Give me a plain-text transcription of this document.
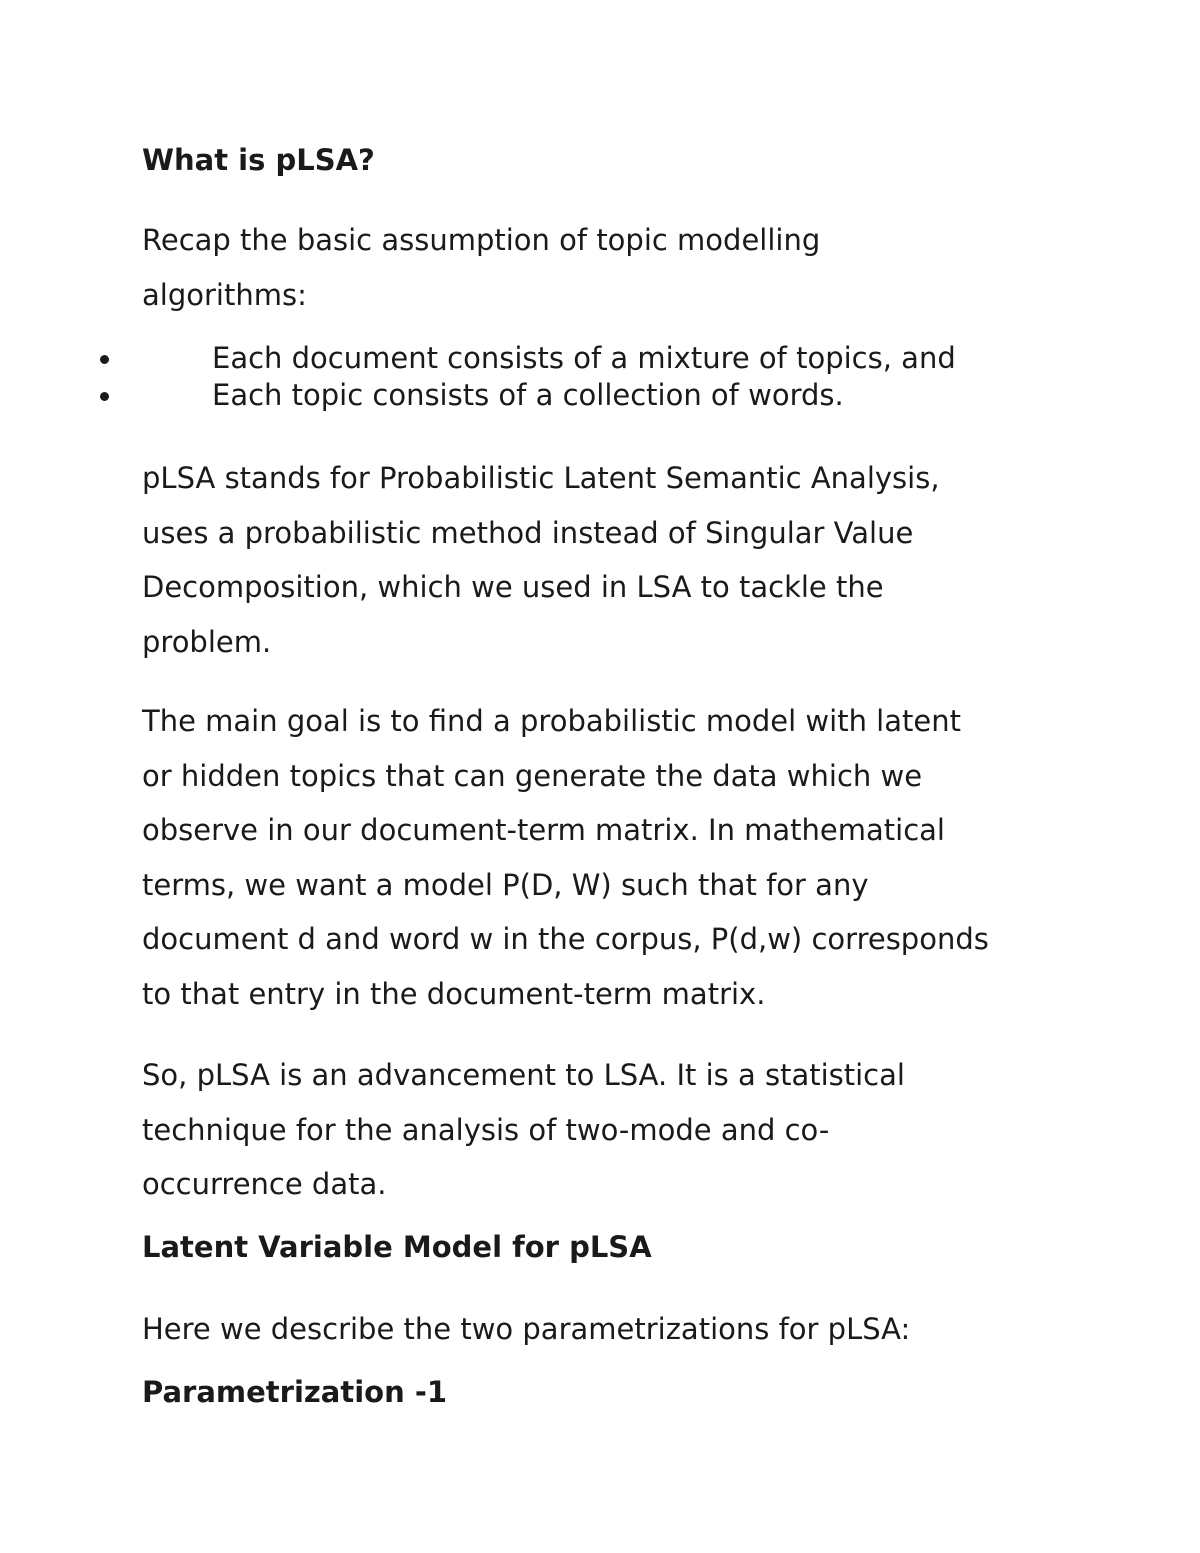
What is pLSA?

Recap the basic assumption of topic modelling
algorithms:

Each document consists of a mixture of topics, and
Each topic consists of a collection of words.

pLSA stands for Probabilistic Latent Semantic Analysis,
uses a probabilistic method instead of Singular Value
Decomposition, which we used in LSA to tackle the
problem.

The main goal is to find a probabilistic model with latent
or hidden topics that can generate the data which we
observe in our document-term matrix. In mathematical
terms, we want a model P(D, W) such that for any
document d and word w in the corpus, P(d,w) corresponds
to that entry in the document-term matrix.

So, pLSA is an advancement to LSA. It is a statistical
technique for the analysis of two-mode and co-
occurrence data.

Latent Variable Model for pLSA

Here we describe the two parametrizations for pLSA:

Parametrization -1
